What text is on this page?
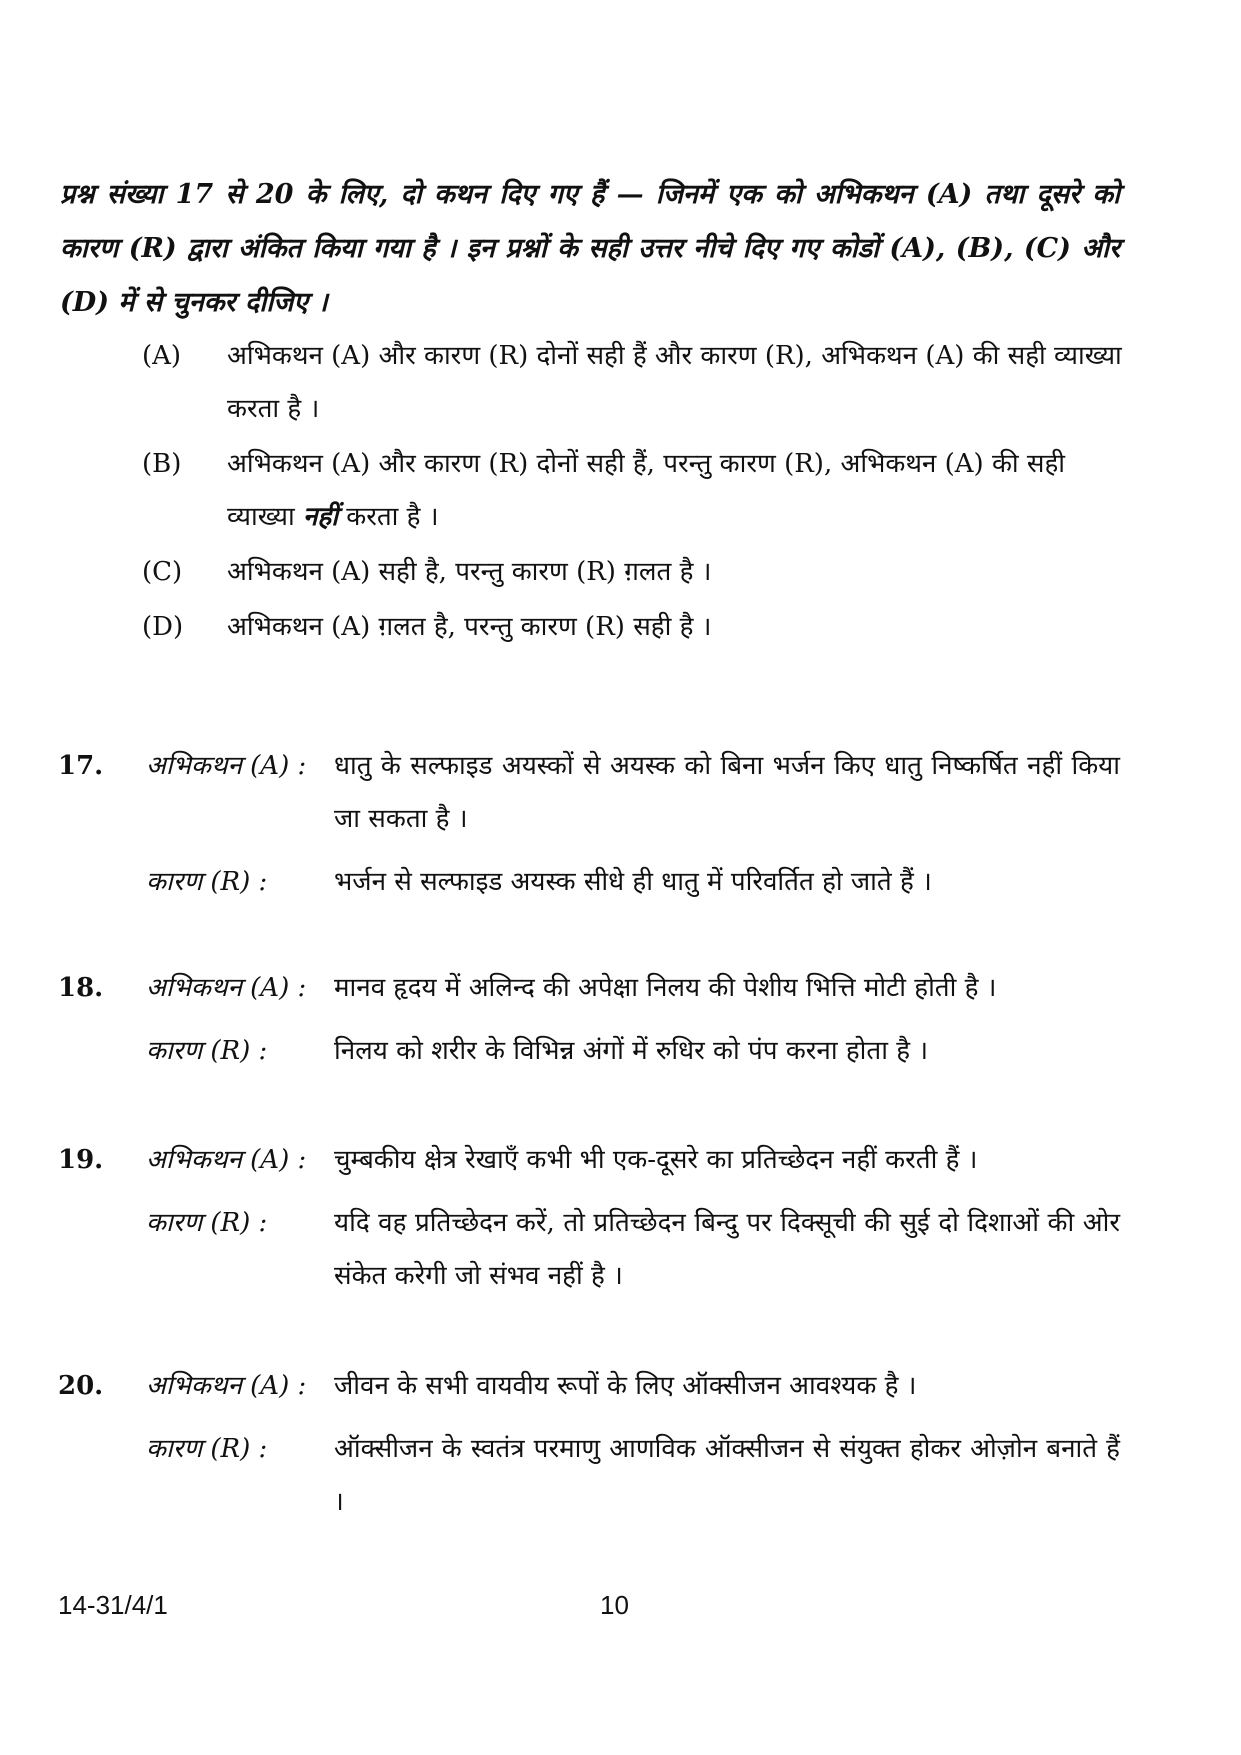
प्रश्न संख्या 17 से 20 के लिए, दो कथन दिए गए हैं — जिनमें एक को अभिकथन (A) तथा दूसरे को कारण (R) द्वारा अंकित किया गया है । इन प्रश्नों के सही उत्तर नीचे दिए गए कोडों (A), (B), (C) और (D) में से चुनकर दीजिए ।
(A)	अभिकथन (A) और कारण (R) दोनों सही हैं और कारण (R), अभिकथन (A) की सही व्याख्या करता है ।
(B)	अभिकथन (A) और कारण (R) दोनों सही हैं, परन्तु कारण (R), अभिकथन (A) की सही व्याख्या नहीं करता है ।
(C)	अभिकथन (A) सही है, परन्तु कारण (R) ग़लत है ।
(D)	अभिकथन (A) ग़लत है, परन्तु कारण (R) सही है ।
17.	अभिकथन (A) :	धातु के सल्फाइड अयस्कों से अयस्क को बिना भर्जन किए धातु निष्कर्षित नहीं किया जा सकता है ।
कारण (R) :	भर्जन से सल्फाइड अयस्क सीधे ही धातु में परिवर्तित हो जाते हैं ।
18.	अभिकथन (A) :	मानव हृदय में अलिन्द की अपेक्षा निलय की पेशीय भित्ति मोटी होती है ।
कारण (R) :	निलय को शरीर के विभिन्न अंगों में रुधिर को पंप करना होता है ।
19.	अभिकथन (A) :	चुम्बकीय क्षेत्र रेखाएँ कभी भी एक-दूसरे का प्रतिच्छेदन नहीं करती हैं ।
कारण (R) :	यदि वह प्रतिच्छेदन करें, तो प्रतिच्छेदन बिन्दु पर दिक्सूची की सुई दो दिशाओं की ओर संकेत करेगी जो संभव नहीं है ।
20.	अभिकथन (A) :	जीवन के सभी वायवीय रूपों के लिए ऑक्सीजन आवश्यक है ।
कारण (R) :	ऑक्सीजन के स्वतंत्र परमाणु आणविक ऑक्सीजन से संयुक्त होकर ओज़ोन बनाते हैं ।
14-31/4/1	10
